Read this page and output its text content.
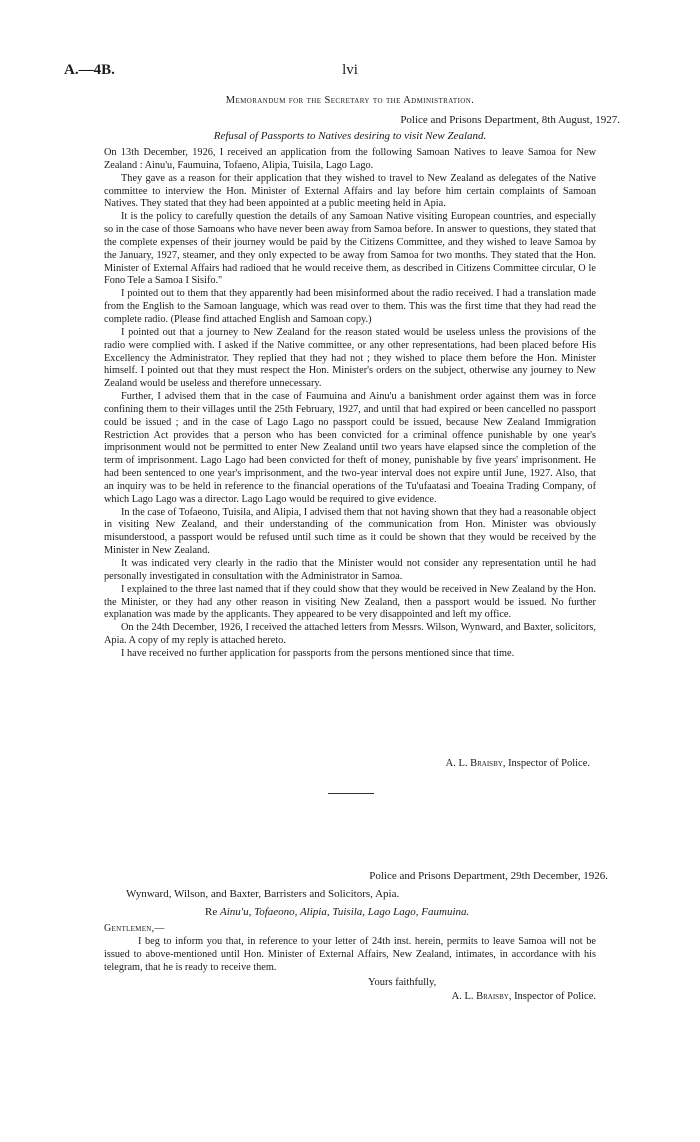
A.—4B.	lvi
Memorandum for the Secretary to the Administration.
Police and Prisons Department, 8th August, 1927.
Refusal of Passports to Natives desiring to visit New Zealand.

On 13th December, 1926, I received an application from the following Samoan Natives to leave Samoa for New Zealand : Ainu'u, Faumuina, Tofaeno, Alipia, Tuisila, Lago Lago.

They gave as a reason for their application that they wished to travel to New Zealand as delegates of the Native committee to interview the Hon. Minister of External Affairs and lay before him certain complaints of Samoan Natives. They stated that they had been appointed at a public meeting held in Apia.

It is the policy to carefully question the details of any Samoan Native visiting European countries, and especially so in the case of those Samoans who have never been away from Samoa before. In answer to questions, they stated that the complete expenses of their journey would be paid by the Citizens Committee, and they wished to leave Samoa by the January, 1927, steamer, and they only expected to be away from Samoa for two months. They stated that the Hon. Minister of External Affairs had radioed that he would receive them, as described in Citizens Committee circular, O le Fono Tele a Samoa I Sisifo."

I pointed out to them that they apparently had been misinformed about the radio received. I had a translation made from the English to the Samoan language, which was read over to them. This was the first time that they had read the complete radio. (Please find attached English and Samoan copy.)

I pointed out that a journey to New Zealand for the reason stated would be useless unless the provisions of the radio were complied with. I asked if the Native committee, or any other representations, had been placed before His Excellency the Administrator. They replied that they had not ; they wished to place them before the Hon. Minister himself. I pointed out that they must respect the Hon. Minister's orders on the subject, otherwise any journey to New Zealand would be useless and therefore unnecessary.

Further, I advised them that in the case of Faumuina and Ainu'u a banishment order against them was in force confining them to their villages until the 25th February, 1927, and until that had expired or been cancelled no passport could be issued ; and in the case of Lago Lago no passport could be issued, because New Zealand Immigration Restriction Act provides that a person who has been convicted for a criminal offence punishable by one year's imprisonment would not be permitted to enter New Zealand until two years have elapsed since the completion of the term of imprisonment. Lago Lago had been convicted for theft of money, punishable by five years' imprisonment. He had been sentenced to one year's imprisonment, and the two-year interval does not expire until June, 1927. Also, that an inquiry was to be held in reference to the financial operations of the Tu'ufaatasi and Toeaina Trading Company, of which Lago Lago was a director. Lago Lago would be required to give evidence.

In the case of Tofaeono, Tuisila, and Alipia, I advised them that not having shown that they had a reasonable object in visiting New Zealand, and their understanding of the communication from Hon. Minister was obviously misunderstood, a passport would be refused until such time as it could be shown that they would be received by the Minister in New Zealand.

It was indicated very clearly in the radio that the Minister would not consider any representation until he had personally investigated in consultation with the Administrator in Samoa.

I explained to the three last named that if they could show that they would be received in New Zealand by the Hon. the Minister, or they had any other reason in visiting New Zealand, then a passport would be issued. No further explanation was made by the applicants. They appeared to be very disappointed and left my office.

On the 24th December, 1926, I received the attached letters from Messrs. Wilson, Wynward, and Baxter, solicitors, Apia. A copy of my reply is attached hereto.

I have received no further application for passports from the persons mentioned since that time.

A. L. Braisby, Inspector of Police.
Police and Prisons Department, 29th December, 1926.
Wynward, Wilson, and Baxter, Barristers and Solicitors, Apia.
Re Ainu'u, Tofaeono, Alipia, Tuisila, Lago Lago, Faumuina.
Gentlemen,—

I beg to inform you that, in reference to your letter of 24th inst. herein, permits to leave Samoa will not be issued to above-mentioned until Hon. Minister of External Affairs, New Zealand, intimates, in accordance with his telegram, that he is ready to receive them.

Yours faithfully,
A. L. Braisby, Inspector of Police.
